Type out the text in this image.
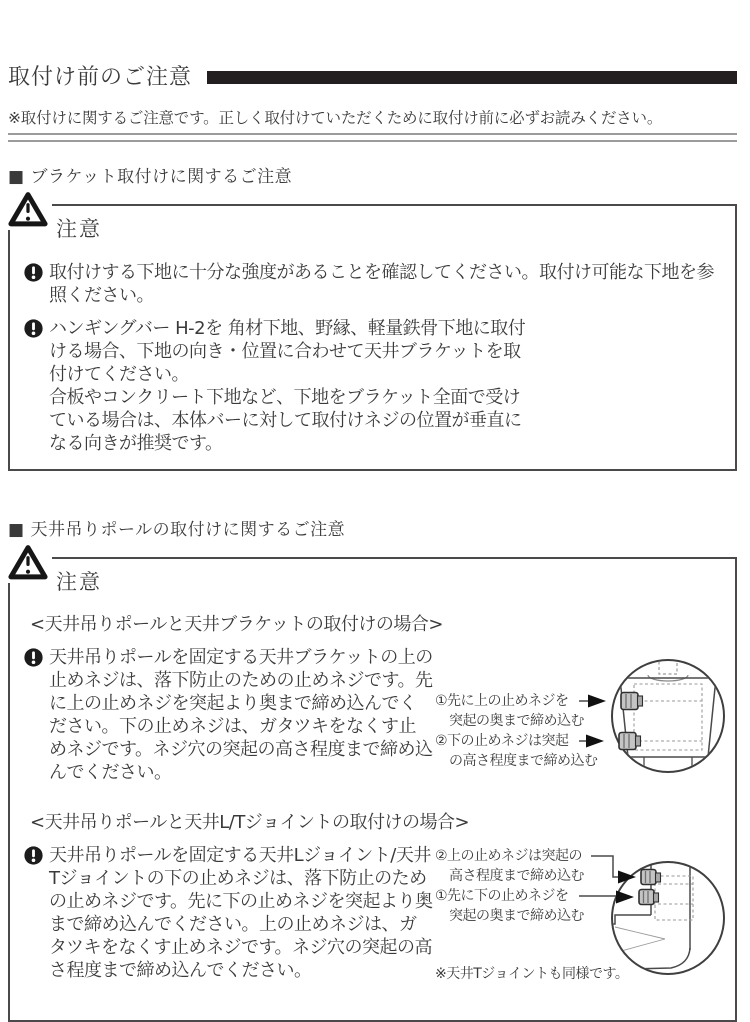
取付け前のご注意
※取付けに関するご注意です。正しく取付けていただくために取付け前に必ずお読みください。
■ ブラケット取付けに関するご注意
注意
取付けする下地に十分な強度があることを確認してください。取付け可能な下地を参照ください。

ハンギングバー H-2を 角材下地、野縁、軽量鉄骨下地に取付ける場合、下地の向き・位置に合わせて天井ブラケットを取付けてください。

合板やコンクリート下地など、下地をブラケット全面で受けている場合は、本体バーに対して取付けネジの位置が垂直になる向きが推奨です。

■ 天井吊りポールの取付けに関するご注意
注意
<天井吊りポールと天井ブラケットの取付けの場合>
天井吊りポールを固定する天井ブラケットの上の止めネジは、落下防止のための止めネジです。先に上の止めネジを突起より奥まで締め込んでください。下の止めネジは、ガタツキをなくす止めネジです。ネジ穴の突起の高さ程度まで締め込んでください。
①先に上の止めネジを
突起の奥まで締め込む
②下の止めネジは突起
の高さ程度まで締め込む
<天井吊りポールと天井L/Tジョイントの取付けの場合>
天井吊りポールを固定する天井Lジョイント/天井Tジョイントの下の止めネジは、落下防止のための止めネジです。先に下の止めネジを突起より奥まで締め込んでください。上の止めネジは、ガタツキをなくす止めネジです。ネジ穴の突起の高さ程度まで締め込んでください。
②上の止めネジは突起の
高さ程度まで締め込む
①先に下の止めネジを
突起の奥まで締め込む
※天井Tジョイントも同様です。
